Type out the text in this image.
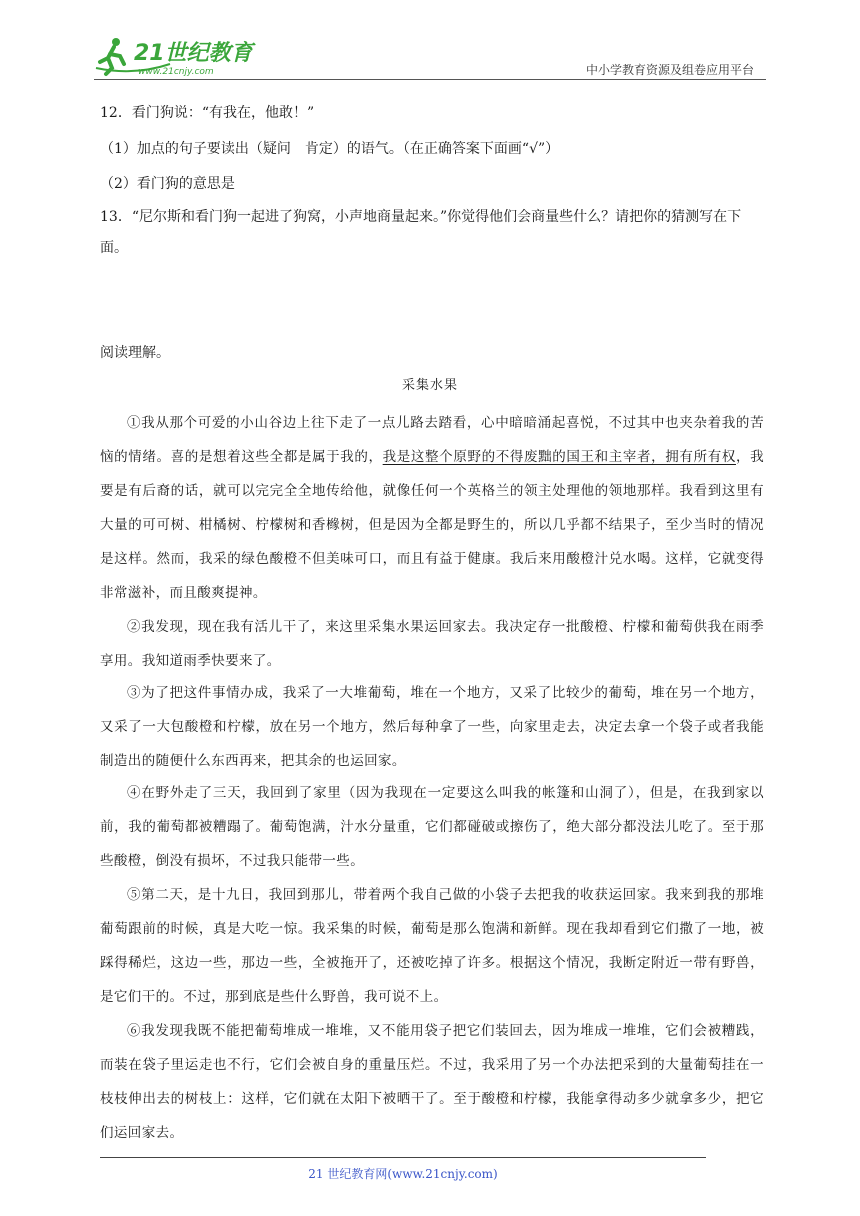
21世纪教育
www.21cnjy.com	中小学教育资源及组卷应用平台
12．看门狗说：“有我在，他敢！”
（1）加点的句子要读出（疑问　肯定）的语气。（在正确答案下面画“√”）
（2）看门狗的意思是
13．“尼尔斯和看门狗一起进了狗窝，小声地商量起来。”你觉得他们会商量些什么？请把你的猜测写在下面。
阅读理解。
采集水果

①我从那个可爱的小山谷边上往下走了一点儿路去踏看，心中暗暗涌起喜悦，不过其中也夹杂着我的苦恼的情绪。喜的是想着这些全都是属于我的，我是这整个原野的不得废黜的国王和主宰者，拥有所有权，我要是有后裔的话，就可以完完全全地传给他，就像任何一个英格兰的领主处理他的领地那样。我看到这里有大量的可可树、柑橘树、柠檬树和香橼树，但是因为全都是野生的，所以几乎都不结果子，至少当时的情况是这样。然而，我采的绿色酸橙不但美味可口，而且有益于健康。我后来用酸橙汁兑水喝。这样，它就变得非常滋补，而且酸爽提神。

②我发现，现在我有活儿干了，来这里采集水果运回家去。我决定存一批酸橙、柠檬和葡萄供我在雨季享用。我知道雨季快要来了。

③为了把这件事情办成，我采了一大堆葡萄，堆在一个地方，又采了比较少的葡萄，堆在另一个地方，又采了一大包酸橙和柠檬，放在另一个地方，然后每种拿了一些，向家里走去，决定去拿一个袋子或者我能制造出的随便什么东西再来，把其余的也运回家。

④在野外走了三天，我回到了家里（因为我现在一定要这么叫我的帐篷和山洞了），但是，在我到家以前，我的葡萄都被糟蹋了。葡萄饱满，汁水分量重，它们都碰破或擦伤了，绝大部分都没法儿吃了。至于那些酸橙，倒没有损坏，不过我只能带一些。

⑤第二天，是十九日，我回到那儿，带着两个我自己做的小袋子去把我的收获运回家。我来到我的那堆葡萄跟前的时候，真是大吃一惊。我采集的时候，葡萄是那么饱满和新鲜。现在我却看到它们撒了一地，被踩得稀烂，这边一些，那边一些，全被拖开了，还被吃掉了许多。根据这个情况，我断定附近一带有野兽，是它们干的。不过，那到底是些什么野兽，我可说不上。

⑥我发现我既不能把葡萄堆成一堆堆，又不能用袋子把它们装回去，因为堆成一堆堆，它们会被糟践，而装在袋子里运走也不行，它们会被自身的重量压烂。不过，我采用了另一个办法把采到的大量葡萄挂在一枝枝伸出去的树枝上：这样，它们就在太阳下被晒干了。至于酸橙和柠檬，我能拿得动多少就拿多少，把它们运回家去。

21 世纪教育网(www.21cnjy.com)
